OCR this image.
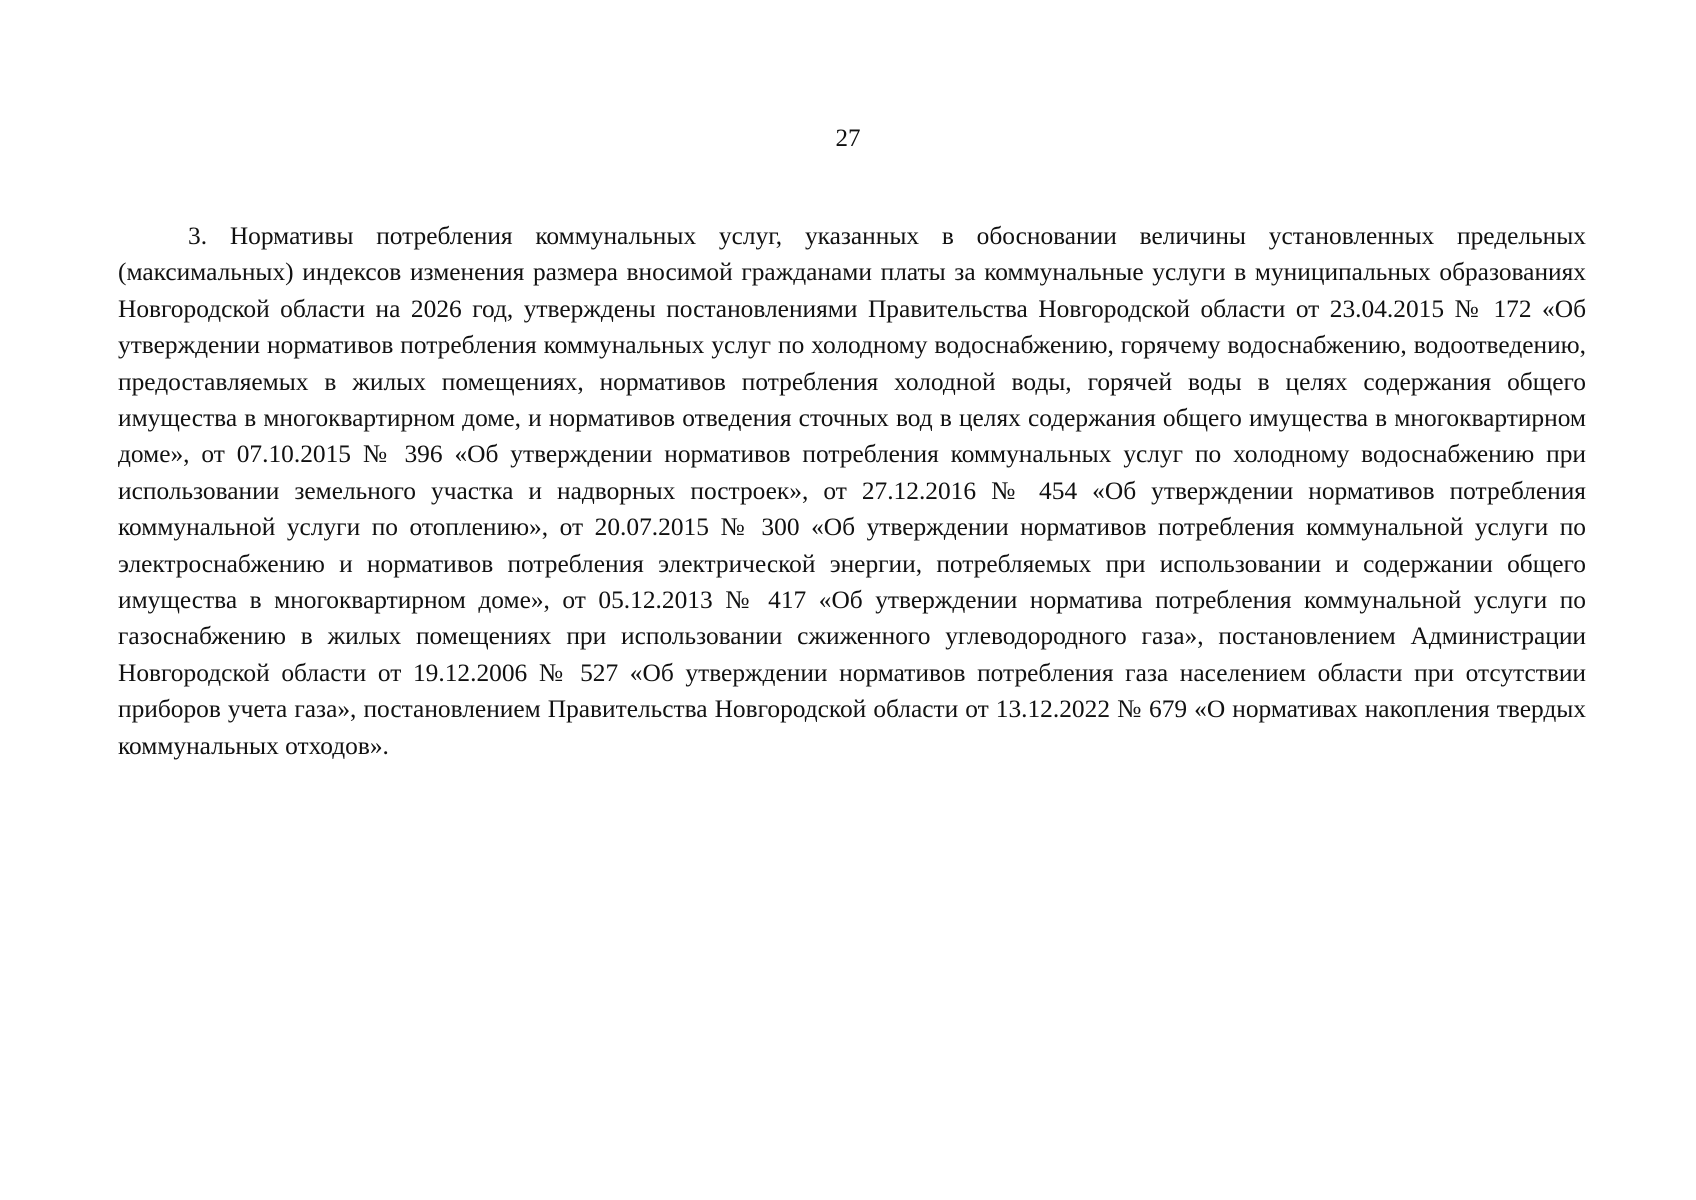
27

3. Нормативы потребления коммунальных услуг, указанных в обосновании величины установленных предельных (максимальных) индексов изменения размера вносимой гражданами платы за коммунальные услуги в муниципальных образованиях Новгородской области на 2026 год, утверждены постановлениями Правительства Новгородской области от 23.04.2015 № 172 «Об утверждении нормативов потребления коммунальных услуг по холодному водоснабжению, горячему водоснабжению, водоотведению, предоставляемых в жилых помещениях, нормативов потребления холодной воды, горячей воды в целях содержания общего имущества в многоквартирном доме, и нормативов отведения сточных вод в целях содержания общего имущества в многоквартирном доме», от 07.10.2015 № 396 «Об утверждении нормативов потребления коммунальных услуг по холодному водоснабжению при использовании земельного участка и надворных построек», от 27.12.2016 № 454 «Об утверждении нормативов потребления коммунальной услуги по отоплению», от 20.07.2015 № 300 «Об утверждении нормативов потребления коммунальной услуги по электроснабжению и нормативов потребления электрической энергии, потребляемых при использовании и содержании общего имущества в многоквартирном доме», от 05.12.2013 № 417 «Об утверждении норматива потребления коммунальной услуги по газоснабжению в жилых помещениях при использовании сжиженного углеводородного газа», постановлением Администрации Новгородской области от 19.12.2006 № 527 «Об утверждении нормативов потребления газа населением области при отсутствии приборов учета газа», постановлением Правительства Новгородской области от 13.12.2022 № 679 «О нормативах накопления твердых коммунальных отходов».
